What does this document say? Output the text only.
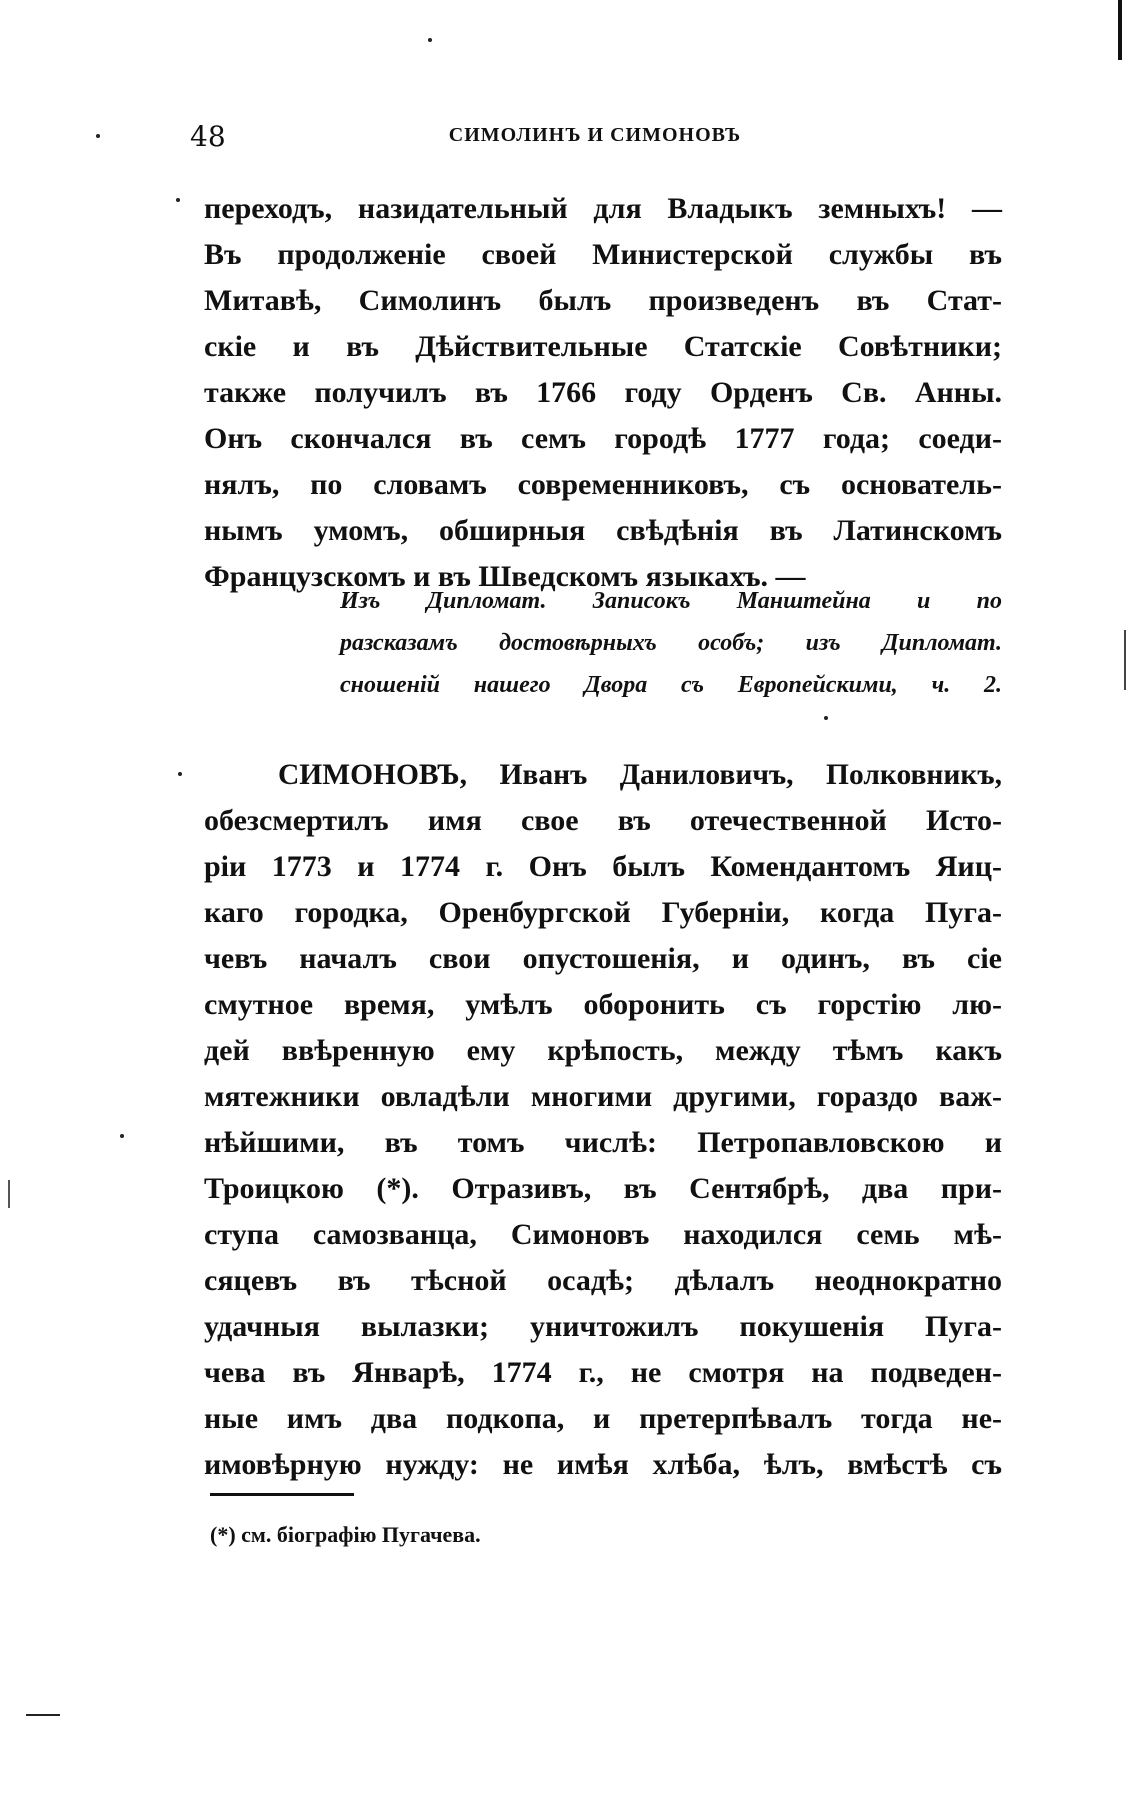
48	СИМОЛИНЪ И СИМОНОВЪ
переходъ, назидательный для Владыкъ земныхъ! —
Въ продолженіе своей Министерской службы въ
Митавѣ, Симолинъ былъ произведенъ въ Стат-
скіе и въ Дѣйствительные Статскіе Совѣтники;
также получилъ въ 1766 году Орденъ Св. Анны.
Онъ скончался въ семъ городѣ 1777 года; соеди-
нялъ, по словамъ современниковъ, съ основатель-
нымъ умомъ, обширныя свѣдѣнія въ Латинскомъ
Французскомъ и въ Шведскомъ языкахъ. —
Изъ Дипломат. Записокъ Манштейна и по
разсказамъ достовѣрныхъ особъ; изъ Дипломат.
сношеній нашего Двора съ Европейскими, ч. 2.
СИМОНОВЪ, Иванъ Даниловичъ, Полковникъ,
обезсмертилъ имя свое въ отечественной Исто-
ріи 1773 и 1774 г. Онъ былъ Комендантомъ Яиц-
каго городка, Оренбургской Губерніи, когда Пуга-
чевъ началъ свои опустошенія, и одинъ, въ сіе
смутное время, умѣлъ оборонить съ горстію лю-
дей ввѣренную ему крѣпость, между тѣмъ какъ
мятежники овладѣли многими другими, гораздо важ-
нѣйшими, въ томъ числѣ: Петропавловскою и
Троицкою (*). Отразивъ, въ Сентябрѣ, два при-
ступа самозванца, Симоновъ находился семь мѣ-
сяцевъ въ тѣсной осадѣ; дѣлалъ неоднократно
удачныя вылазки; уничтожилъ покушенія Пуга-
чева въ Январѣ, 1774 г., не смотря на подведен-
ные имъ два подкопа, и претерпѣвалъ тогда не-
имовѣрную нужду: не имѣя хлѣба, ѣлъ, вмѣстѣ съ
(*) см. біографію Пугачева.
